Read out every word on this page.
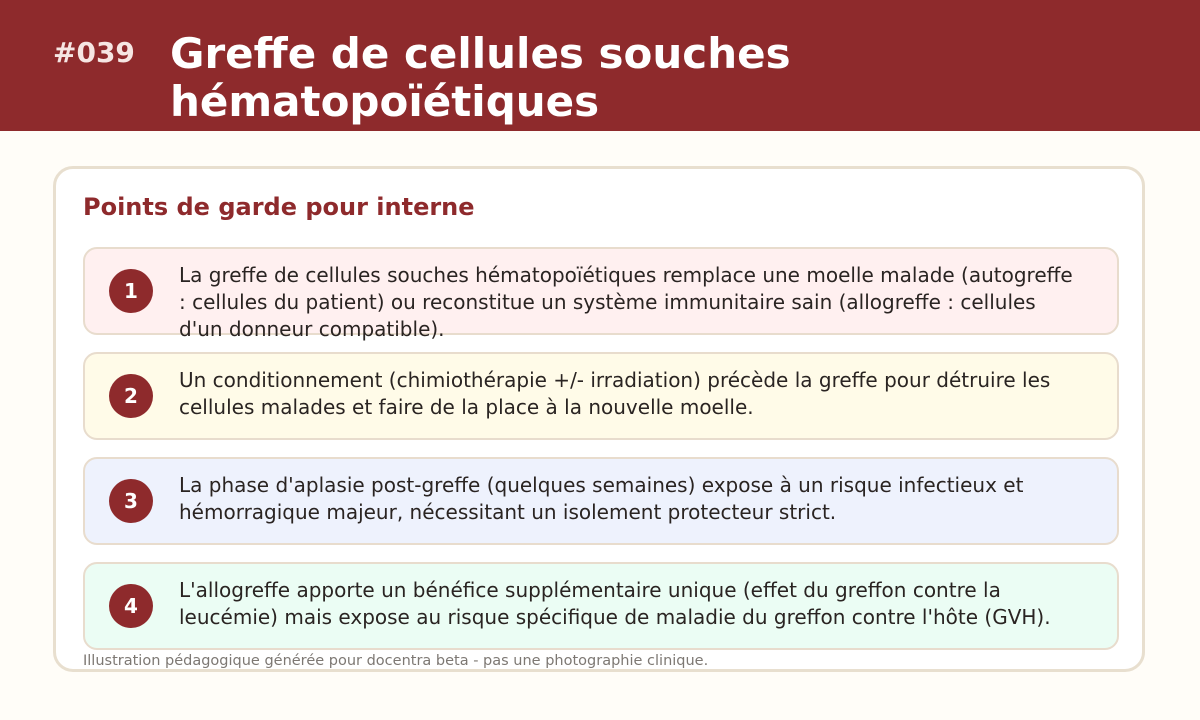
#039 Greffe de cellules souches hématopoïétiques
Points de garde pour interne
1
La greffe de cellules souches hématopoïétiques remplace une moelle malade (autogreffe : cellules du patient) ou reconstitue un système immunitaire sain (allogreffe : cellules d'un donneur compatible).
2
Un conditionnement (chimiothérapie +/- irradiation) précède la greffe pour détruire les cellules malades et faire de la place à la nouvelle moelle.
3
La phase d'aplasie post-greffe (quelques semaines) expose à un risque infectieux et hémorragique majeur, nécessitant un isolement protecteur strict.
4
L'allogreffe apporte un bénéfice supplémentaire unique (effet du greffon contre la leucémie) mais expose au risque spécifique de maladie du greffon contre l'hôte (GVH).
Illustration pédagogique générée pour docentra beta - pas une photographie clinique.
